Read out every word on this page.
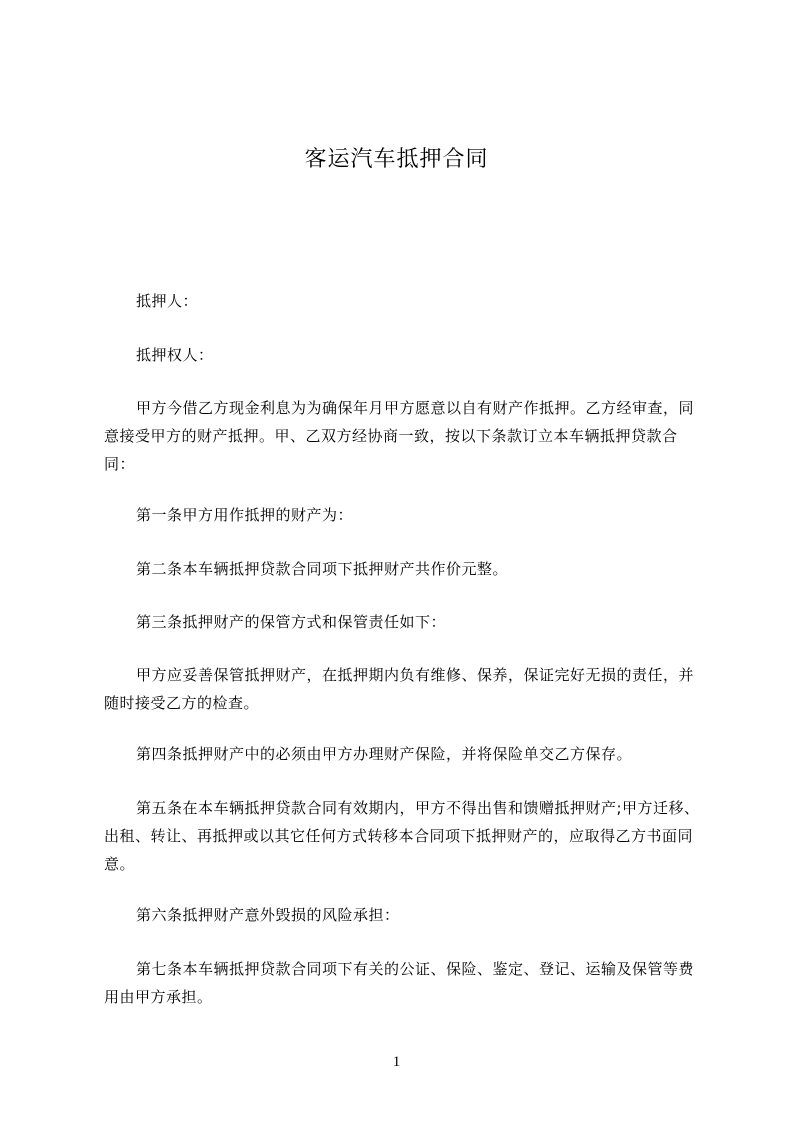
客运汽车抵押合同
抵押人：
抵押权人：
甲方今借乙方现金利息为为确保年月甲方愿意以自有财产作抵押。乙方经审查，同意接受甲方的财产抵押。甲、乙双方经协商一致，按以下条款订立本车辆抵押贷款合同：
第一条甲方用作抵押的财产为：
第二条本车辆抵押贷款合同项下抵押财产共作价元整。
第三条抵押财产的保管方式和保管责任如下：
甲方应妥善保管抵押财产，在抵押期内负有维修、保养，保证完好无损的责任，并随时接受乙方的检查。
第四条抵押财产中的必须由甲方办理财产保险，并将保险单交乙方保存。
第五条在本车辆抵押贷款合同有效期内，甲方不得出售和馈赠抵押财产;甲方迁移、出租、转让、再抵押或以其它任何方式转移本合同项下抵押财产的，应取得乙方书面同意。
第六条抵押财产意外毁损的风险承担：
第七条本车辆抵押贷款合同项下有关的公证、保险、鉴定、登记、运输及保管等费用由甲方承担。
1
